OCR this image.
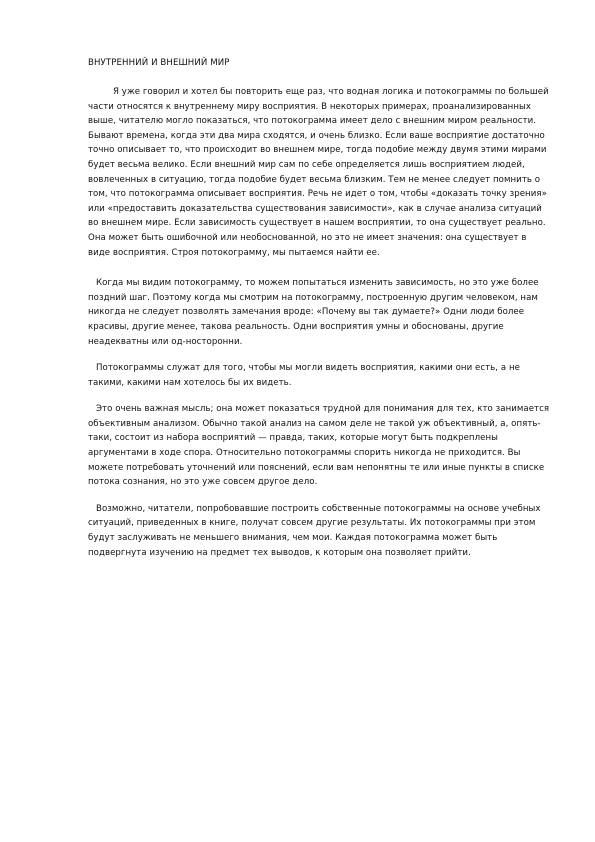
ВНУТРЕННИЙ И ВНЕШНИЙ МИР

Я уже говорил и хотел бы повторить еще раз, что водная логика и потокограммы по большей части относятся к внутреннему миру восприятия. В некоторых примерах, проанализированных выше, читателю могло показаться, что потокограмма имеет дело с внешним миром реальности. Бывают времена, когда эти два мира сходятся, и очень близко. Если ваше восприятие достаточно точно описывает то, что происходит во внешнем мире, тогда подобие между двумя этими мирами будет весьма велико. Если внешний мир сам по себе определяется лишь восприятием людей, вовлеченных в ситуацию, тогда подобие будет весьма близким. Тем не менее следует помнить о том, что потокограмма описывает восприятия. Речь не идет о том, чтобы «доказать точку зрения» или «предоставить доказательства существования зависимости», как в случае анализа ситуаций во внешнем мире. Если зависимость существует в нашем восприятии, то она существует реально. Она может быть ошибочной или необоснованной, но это не имеет значения: она существует в виде восприятия. Строя потокограмму, мы пытаемся найти ее.

Когда мы видим потокограмму, то можем попытаться изменить зависимость, но это уже более поздний шаг. Поэтому когда мы смотрим на потокограмму, построенную другим человеком, нам никогда не следует позволять замечания вроде: «Почему вы так думаете?» Одни люди более красивы, другие менее, такова реальность. Одни восприятия умны и обоснованы, другие неадекватны или од-носторонни.

Потокограммы служат для того, чтобы мы могли видеть восприятия, какими они есть, а не такими, какими нам хотелось бы их видеть.

Это очень важная мысль; она может показаться трудной для понимания для тех, кто занимается объективным анализом. Обычно такой анализ на самом деле не такой уж объективный, а, опять-таки, состоит из набора восприятий — правда, таких, которые могут быть подкреплены аргументами в ходе спора. Относительно потокограммы спорить никогда не приходится. Вы можете потребовать уточнений или пояснений, если вам непонятны те или иные пункты в списке потока сознания, но это уже совсем другое дело.

Возможно, читатели, попробовавшие построить собственные потокограммы на основе учебных ситуаций, приведенных в книге, получат совсем другие результаты. Их потокограммы при этом будут заслуживать не меньшего внимания, чем мои. Каждая потокограмма может быть подвергнута изучению на предмет тех выводов, к которым она позволяет прийти.
